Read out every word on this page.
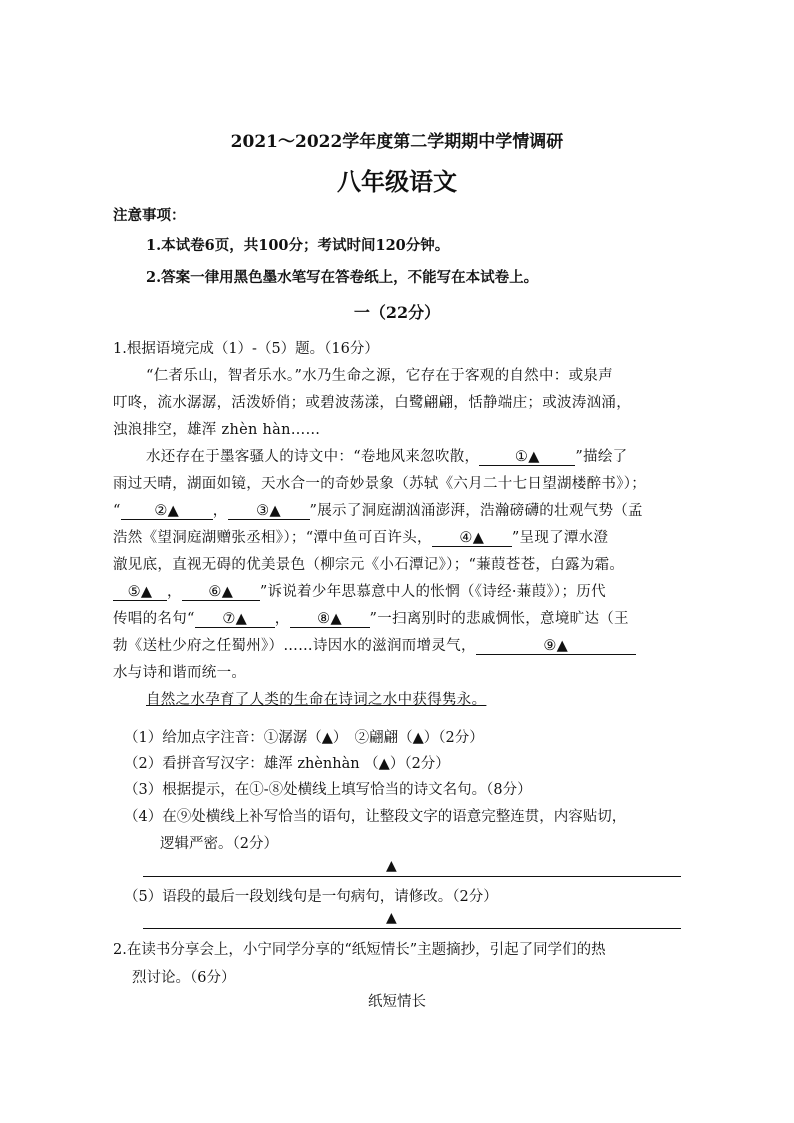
2021～2022学年度第二学期期中学情调研
八年级语文
注意事项：
1.本试卷6页，共100分；考试时间120分钟。
2.答案一律用黑色墨水笔写在答卷纸上，不能写在本试卷上。
一（22分）
1.根据语境完成（1）-（5）题。（16分）
“仁者乐山，智者乐水。”水乃生命之源，它存在于客观的自然中：或泉声
叮咚，流水潺潺，活泼娇俏；或碧波荡漾，白鹭翩翩，恬静端庄；或波涛汹涌，
浊浪排空，雄浑 zhèn hàn……
水还存在于墨客骚人的诗文中：“卷地风来忽吹散， ①▲ ”描绘了
雨过天晴，湖面如镜，天水合一的奇妙景象（苏轼《六月二十七日望湖楼醉书》）；
“ ②▲ ， ③▲ ”展示了洞庭湖汹涌澎湃，浩瀚磅礴的壮观气势（孟
浩然《望洞庭湖赠张丞相》）；“潭中鱼可百许头， ④▲ ”呈现了潭水澄
澈见底，直视无碍的优美景色（柳宗元《小石潭记》）；“蒹葭苍苍，白露为霜。
⑤▲ ， ⑥▲ ”诉说着少年思慕意中人的怅惘（《诗经·蒹葭》）；历代
传唱的名句“ ⑦▲ ， ⑧▲ ”一扫离别时的悲戚惆怅，意境旷达（王
勃《送杜少府之任蜀州》）……诗因水的滋润而增灵气，	⑨▲
水与诗和谐而统一。
自然之水孕育了人类的生命在诗词之水中获得隽永。
（1）给加点字注音：①潺潺（▲）　②翩翩（▲）（2分）
（2）看拼音写汉字：雄浑 zhènhàn （▲）（2分）
（3）根据提示，在①-⑧处横线上填写恰当的诗文名句。（8分）
（4）在⑨处横线上补写恰当的语句，让整段文字的语意完整连贯，内容贴切，
逻辑严密。（2分）
▲
（5）语段的最后一段划线句是一句病句，请修改。（2分）
▲
2.在读书分享会上，小宁同学分享的“纸短情长”主题摘抄，引起了同学们的热
烈讨论。（6分）
纸短情长
